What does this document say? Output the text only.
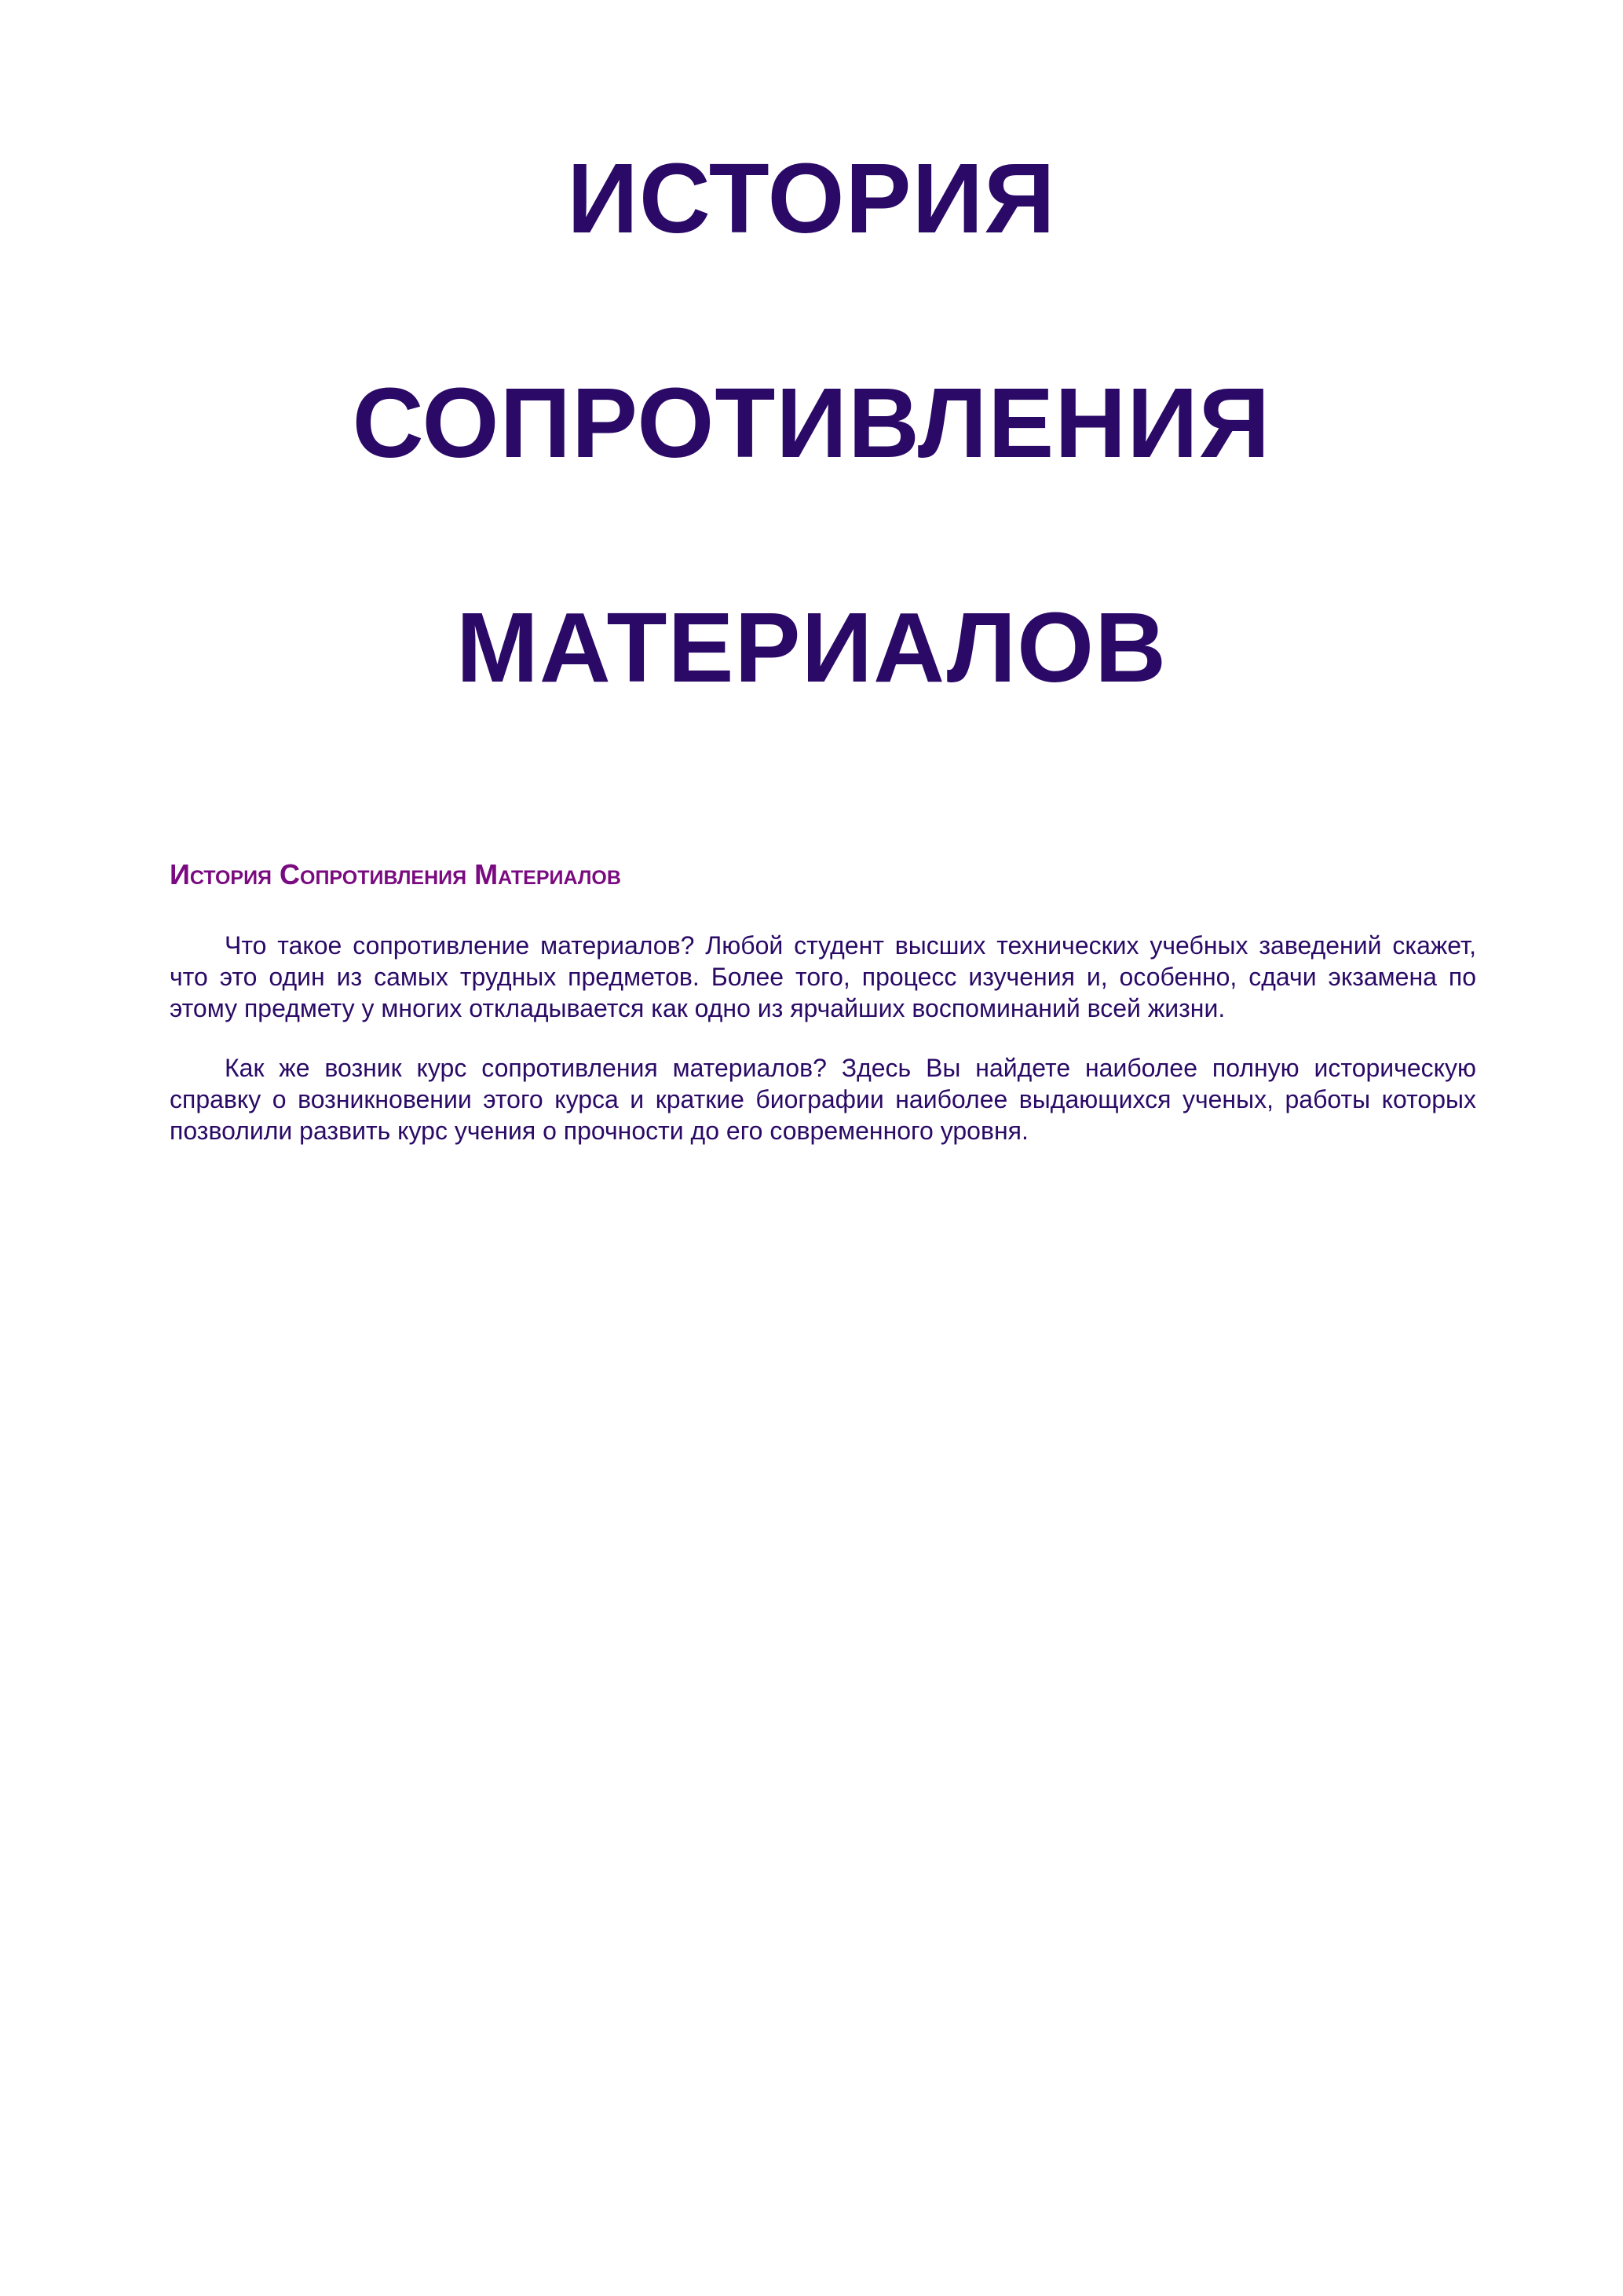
ИСТОРИЯ
СОПРОТИВЛЕНИЯ
МАТЕРИАЛОВ
История Сопротивления Материалов

Что такое сопротивление материалов? Любой студент высших технических учебных заведений скажет, что это один из самых трудных предметов. Более того, процесс изучения и, особенно, сдачи экзамена по этому предмету у многих откладывается как одно из ярчайших воспоминаний всей жизни.

Как же возник курс сопротивления материалов? Здесь Вы найдете наиболее полную историческую справку о возникновении этого курса и краткие биографии наиболее выдающихся ученых, работы которых позволили развить курс учения о прочности до его современного уровня.
